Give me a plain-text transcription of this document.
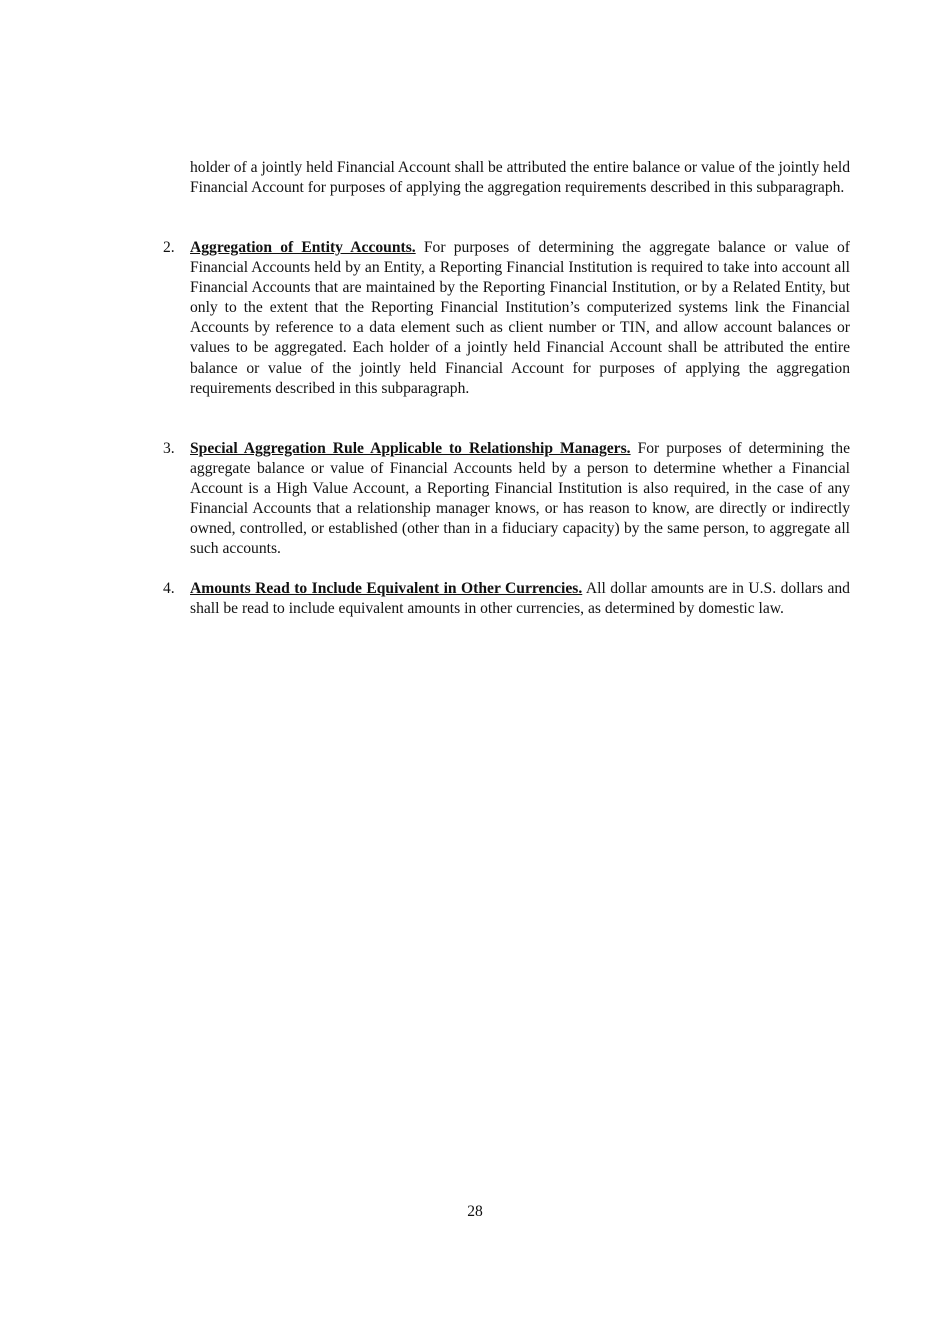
holder of a jointly held Financial Account shall be attributed the entire balance or value of the jointly held Financial Account for purposes of applying the aggregation requirements described in this subparagraph.

2. Aggregation of Entity Accounts. For purposes of determining the aggregate balance or value of Financial Accounts held by an Entity, a Reporting Financial Institution is required to take into account all Financial Accounts that are maintained by the Reporting Financial Institution, or by a Related Entity, but only to the extent that the Reporting Financial Institution’s computerized systems link the Financial Accounts by reference to a data element such as client number or TIN, and allow account balances or values to be aggregated. Each holder of a jointly held Financial Account shall be attributed the entire balance or value of the jointly held Financial Account for purposes of applying the aggregation requirements described in this subparagraph.
3. Special Aggregation Rule Applicable to Relationship Managers. For purposes of determining the aggregate balance or value of Financial Accounts held by a person to determine whether a Financial Account is a High Value Account, a Reporting Financial Institution is also required, in the case of any Financial Accounts that a relationship manager knows, or has reason to know, are directly or indirectly owned, controlled, or established (other than in a fiduciary capacity) by the same person, to aggregate all such accounts.
4. Amounts Read to Include Equivalent in Other Currencies. All dollar amounts are in U.S. dollars and shall be read to include equivalent amounts in other currencies, as determined by domestic law.
28
